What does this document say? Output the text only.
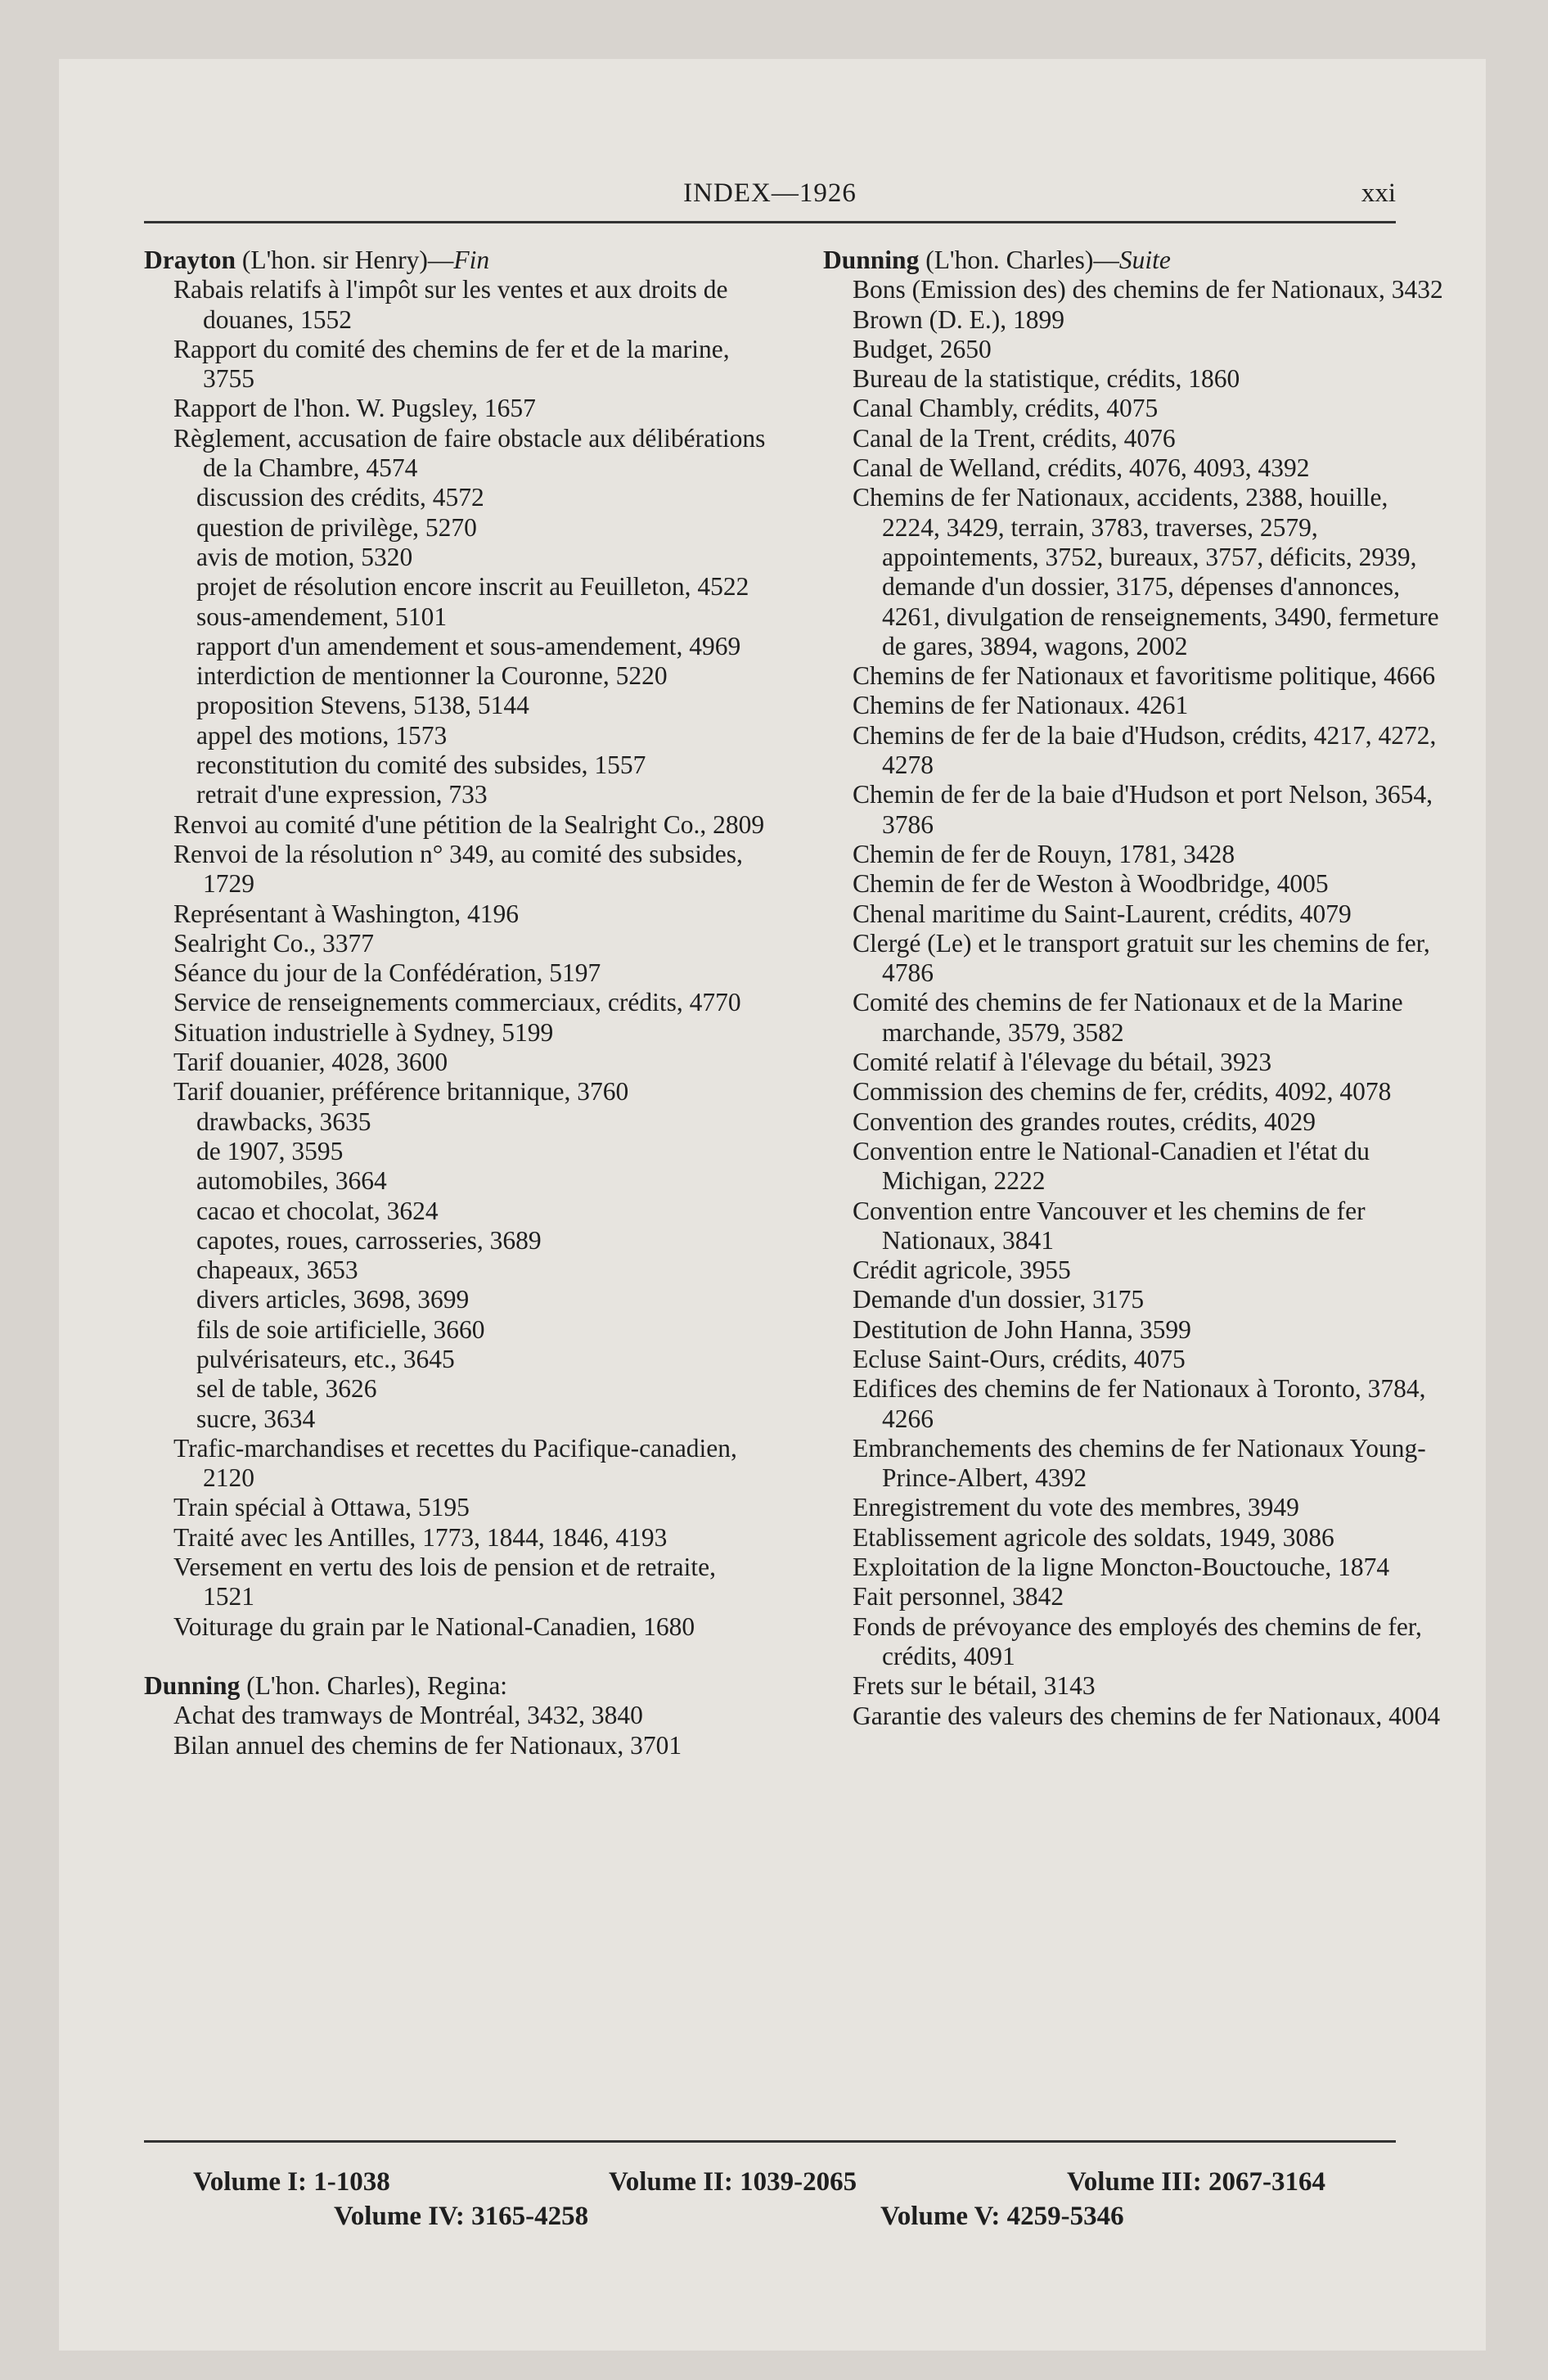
INDEX—1926	xxi
Drayton (L'hon. sir Henry)—Fin
Rabais relatifs à l'impôt sur les ventes et aux droits de douanes, 1552
Rapport du comité des chemins de fer et de la marine, 3755
Rapport de l'hon. W. Pugsley, 1657
Règlement, accusation de faire obstacle aux délibérations de la Chambre, 4574
discussion des crédits, 4572
question de privilège, 5270
avis de motion, 5320
projet de résolution encore inscrit au Feuilleton, 4522
sous-amendement, 5101
rapport d'un amendement et sous-amendement, 4969
interdiction de mentionner la Couronne, 5220
proposition Stevens, 5138, 5144
appel des motions, 1573
reconstitution du comité des subsides, 1557
retrait d'une expression, 733
Renvoi au comité d'une pétition de la Sealright Co., 2809
Renvoi de la résolution n° 349, au comité des subsides, 1729
Représentant à Washington, 4196
Sealright Co., 3377
Séance du jour de la Confédération, 5197
Service de renseignements commerciaux, crédits, 4770
Situation industrielle à Sydney, 5199
Tarif douanier, 4028, 3600
Tarif douanier, préférence britannique, 3760
drawbacks, 3635
de 1907, 3595
automobiles, 3664
cacao et chocolat, 3624
capotes, roues, carrosseries, 3689
chapeaux, 3653
divers articles, 3698, 3699
fils de soie artificielle, 3660
pulvérisateurs, etc., 3645
sel de table, 3626
sucre, 3634
Trafic-marchandises et recettes du Pacifique-canadien, 2120
Train spécial à Ottawa, 5195
Traité avec les Antilles, 1773, 1844, 1846, 4193
Versement en vertu des lois de pension et de retraite, 1521
Voiturage du grain par le National-Canadien, 1680
Dunning (L'hon. Charles), Regina:
Achat des tramways de Montréal, 3432, 3840
Bilan annuel des chemins de fer Nationaux, 3701
Dunning (L'hon. Charles)—Suite
Bons (Emission des) des chemins de fer Nationaux, 3432
Brown (D. E.), 1899
Budget, 2650
Bureau de la statistique, crédits, 1860
Canal Chambly, crédits, 4075
Canal de la Trent, crédits, 4076
Canal de Welland, crédits, 4076, 4093, 4392
Chemins de fer Nationaux, accidents, 2388, houille, 2224, 3429, terrain, 3783, traverses, 2579, appointements, 3752, bureaux, 3757, déficits, 2939, demande d'un dossier, 3175, dépenses d'annonces, 4261, divulgation de renseignements, 3490, fermeture de gares, 3894, wagons, 2002
Chemins de fer Nationaux et favoritisme politique, 4666
Chemins de fer Nationaux. 4261
Chemins de fer de la baie d'Hudson, crédits, 4217, 4272, 4278
Chemin de fer de la baie d'Hudson et port Nelson, 3654, 3786
Chemin de fer de Rouyn, 1781, 3428
Chemin de fer de Weston à Woodbridge, 4005
Chenal maritime du Saint-Laurent, crédits, 4079
Clergé (Le) et le transport gratuit sur les chemins de fer, 4786
Comité des chemins de fer Nationaux et de la Marine marchande, 3579, 3582
Comité relatif à l'élevage du bétail, 3923
Commission des chemins de fer, crédits, 4092, 4078
Convention des grandes routes, crédits, 4029
Convention entre le National-Canadien et l'état du Michigan, 2222
Convention entre Vancouver et les chemins de fer Nationaux, 3841
Crédit agricole, 3955
Demande d'un dossier, 3175
Destitution de John Hanna, 3599
Ecluse Saint-Ours, crédits, 4075
Edifices des chemins de fer Nationaux à Toronto, 3784, 4266
Embranchements des chemins de fer Nationaux Young-Prince-Albert, 4392
Enregistrement du vote des membres, 3949
Etablissement agricole des soldats, 1949, 3086
Exploitation de la ligne Moncton-Bouctouche, 1874
Fait personnel, 3842
Fonds de prévoyance des employés des chemins de fer, crédits, 4091
Frets sur le bétail, 3143
Garantie des valeurs des chemins de fer Nationaux, 4004
Volume I: 1-1038	Volume II: 1039-2065	Volume III: 2067-3164
Volume IV: 3165-4258	Volume V: 4259-5346
